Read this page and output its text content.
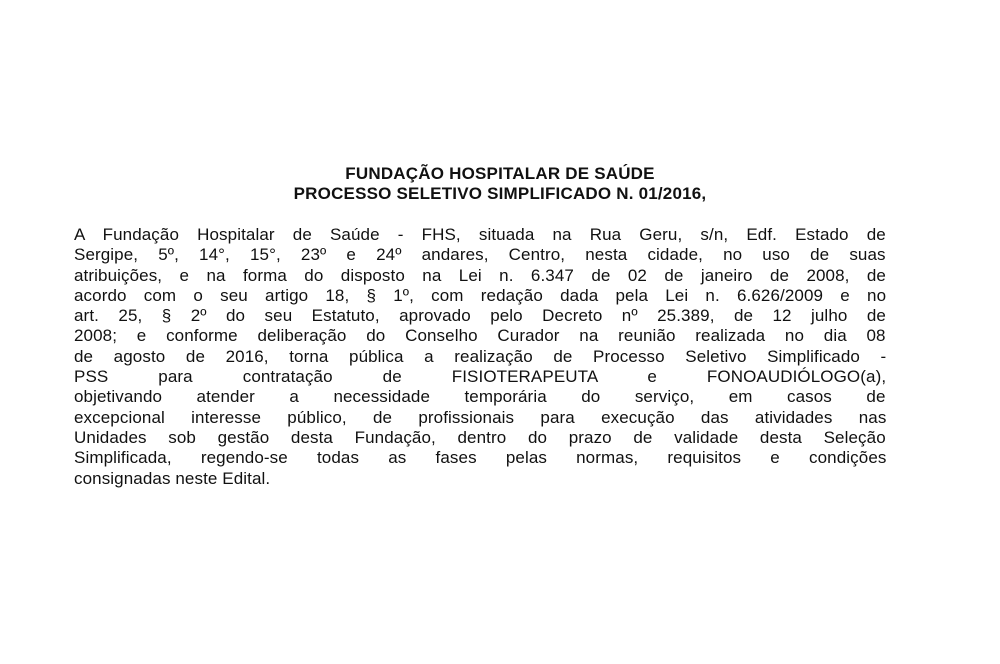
FUNDAÇÃO HOSPITALAR DE SAÚDE
PROCESSO SELETIVO SIMPLIFICADO N. 01/2016,
A Fundação Hospitalar de Saúde - FHS, situada na Rua Geru, s/n, Edf. Estado de
Sergipe, 5º, 14°, 15°, 23º e 24º andares, Centro, nesta cidade, no uso de suas
atribuições, e na forma do disposto na Lei n. 6.347 de 02 de janeiro de 2008, de
acordo com o seu artigo 18, § 1º, com redação dada pela Lei n. 6.626/2009 e no
art. 25, § 2º do seu Estatuto, aprovado pelo Decreto nº 25.389, de 12 julho de
2008; e conforme deliberação do Conselho Curador na reunião realizada no dia 08
de agosto de 2016, torna pública a realização de Processo Seletivo Simplificado -
PSS para contratação de FISIOTERAPEUTA e FONOAUDIÓLOGO(a),
objetivando atender a necessidade temporária do serviço, em casos de
excepcional interesse público, de profissionais para execução das atividades nas
Unidades sob gestão desta Fundação, dentro do prazo de validade desta Seleção
Simplificada, regendo-se todas as fases pelas normas, requisitos e condições
consignadas neste Edital.
